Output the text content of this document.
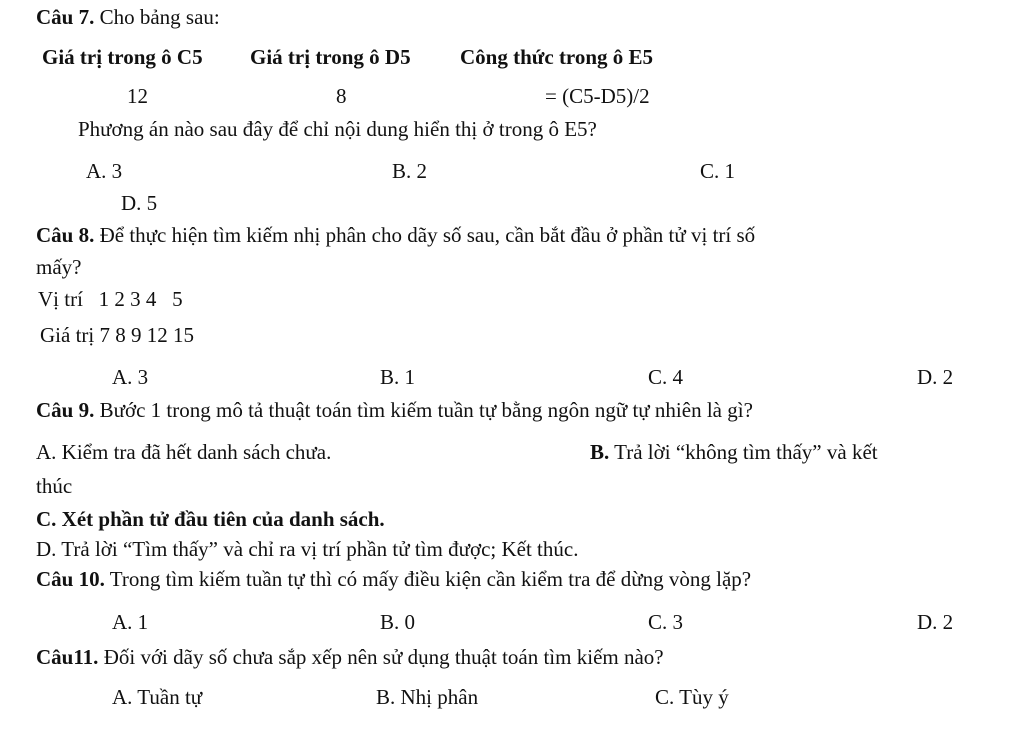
Câu 7. Cho bảng sau:
Giá trị trong ô C5 Giá trị trong ô D5 Công thức trong ô E5
12	8	= (C5-D5)/2
Phương án nào sau đây để chỉ nội dung hiển thị ở trong ô E5?
A. 3	B. 2	C. 1
D. 5
Câu 8. Để thực hiện tìm kiếm nhị phân cho dãy số sau, cần bắt đầu ở phần tử vị trí số
mấy?
Vị trí 1 2 3 4   5
Giá trị 7 8 9 12 15
A. 3	B. 1	C. 4	D. 2
Câu 9. Bước 1 trong mô tả thuật toán tìm kiếm tuần tự bằng ngôn ngữ tự nhiên là gì?
A. Kiểm tra đã hết danh sách chưa.	B. Trả lời “không tìm thấy” và kết
thúc
C. Xét phần tử đầu tiên của danh sách.
D. Trả lời “Tìm thấy” và chỉ ra vị trí phần tử tìm được; Kết thúc.
Câu 10. Trong tìm kiếm tuần tự thì có mấy điều kiện cần kiểm tra để dừng vòng lặp?
A. 1	B. 0	C. 3	D. 2
Câu11. Đối với dãy số chưa sắp xếp nên sử dụng thuật toán tìm kiếm nào?
A. Tuần tự	B. Nhị phân	C. Tùy ý
